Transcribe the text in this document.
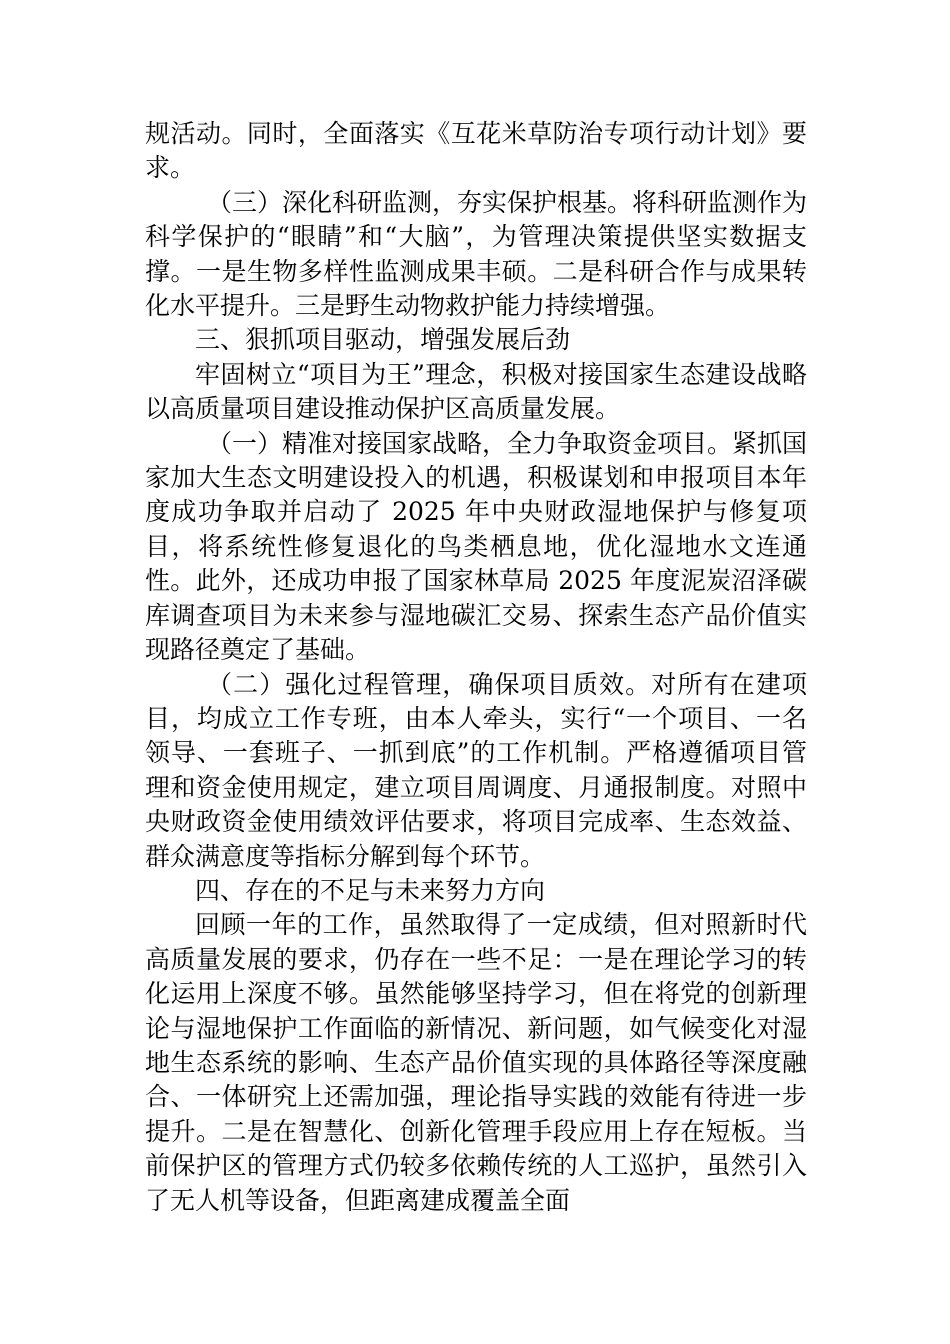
规活动。同时，全面落实《互花米草防治专项行动计划》要求。

（三）深化科研监测，夯实保护根基。将科研监测作为科学保护的“眼睛”和“大脑”，为管理决策提供坚实数据支撑。一是生物多样性监测成果丰硕。二是科研合作与成果转化水平提升。三是野生动物救护能力持续增强。

三、狠抓项目驱动，增强发展后劲

牢固树立“项目为王”理念，积极对接国家生态建设战略以高质量项目建设推动保护区高质量发展。

（一）精准对接国家战略，全力争取资金项目。紧抓国家加大生态文明建设投入的机遇，积极谋划和申报项目本年度成功争取并启动了 2025 年中央财政湿地保护与修复项目，将系统性修复退化的鸟类栖息地，优化湿地水文连通性。此外，还成功申报了国家林草局 2025 年度泥炭沼泽碳库调查项目为未来参与湿地碳汇交易、探索生态产品价值实现路径奠定了基础。

（二）强化过程管理，确保项目质效。对所有在建项目，均成立工作专班，由本人牵头，实行“一个项目、一名领导、一套班子、一抓到底”的工作机制。严格遵循项目管理和资金使用规定，建立项目周调度、月通报制度。对照中央财政资金使用绩效评估要求，将项目完成率、生态效益、群众满意度等指标分解到每个环节。

四、存在的不足与未来努力方向

回顾一年的工作，虽然取得了一定成绩，但对照新时代高质量发展的要求，仍存在一些不足：一是在理论学习的转化运用上深度不够。虽然能够坚持学习，但在将党的创新理论与湿地保护工作面临的新情况、新问题，如气候变化对湿地生态系统的影响、生态产品价值实现的具体路径等深度融合、一体研究上还需加强，理论指导实践的效能有待进一步提升。二是在智慧化、创新化管理手段应用上存在短板。当前保护区的管理方式仍较多依赖传统的人工巡护，虽然引入了无人机等设备，但距离建成覆盖全面
